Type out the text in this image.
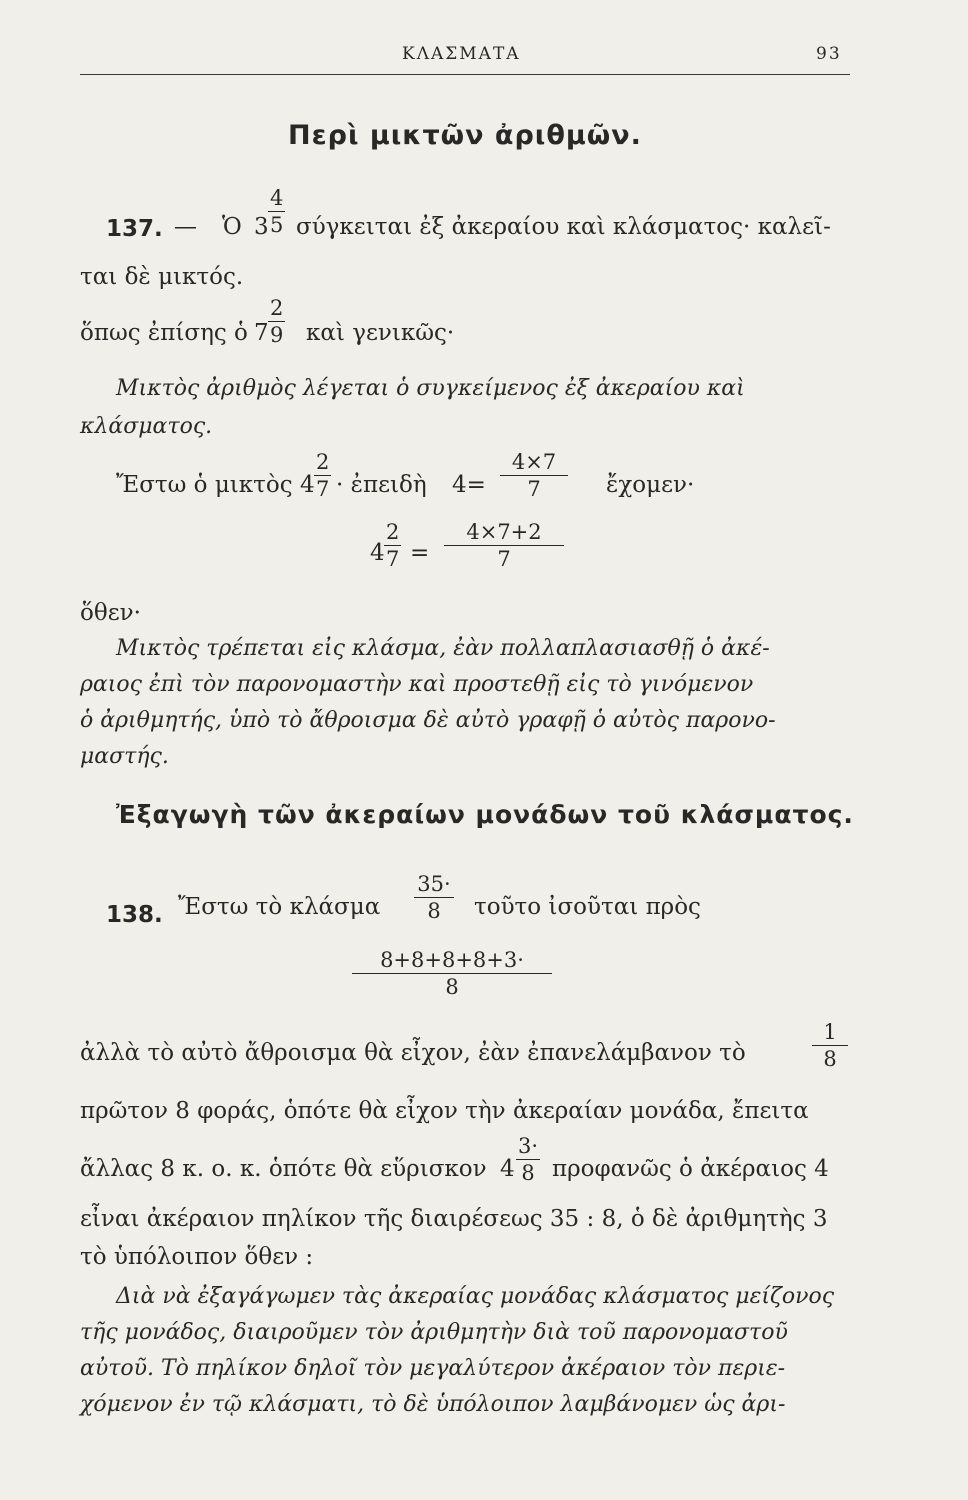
ΚΛΑΣΜΑΤΑ	93
Περὶ μικτῶν ἀριθμῶν.
137. — Ὁ $3 \frac{4}{5}$ σύγκειται ἐξ ἀκεραίου καὶ κλάσματος· καλεῖ-
ται δὲ μικτός.
ὅπως ἐπίσης ὁ $7 \frac{2}{9}$ καὶ γενικῶς·
Μικτὸς ἀριθμὸς λέγεται ὁ συγκείμενος ἐξ ἀκεραίου καὶ
κλάσματος.
Ἔστω ὁ μικτὸς $4 \frac{2}{7}$ · ἐπειδὴ $4= \frac{4\times 7}{7}$ ἔχομεν·
$4 \frac{2}{7} = \frac{4\times 7+2}{7}$
ὅθεν·
Μικτὸς τρέπεται εἰς κλάσμα, ἐὰν πολλαπλασιασθῇ ὁ ἀκέ-
ραιος ἐπὶ τὸν παρονομαστὴν καὶ προστεθῇ εἰς τὸ γινόμενον
ὁ ἀριθμητής, ὑπὸ τὸ ἄθροισμα δὲ αὐτὸ γραφῇ ὁ αὐτὸς παρονο-
μαστής.
Ἐξαγωγὴ τῶν ἀκεραίων μονάδων τοῦ κλάσματος.
138. Ἔστω τὸ κλάσμα $\frac{35\cdot}{8}$ τοῦτο ἰσοῦται πρὸς
$\frac{8+8+8+8+3\cdot}{8}$
ἀλλὰ τὸ αὐτὸ ἄθροισμα θὰ εἶχον, ἐὰν ἐπανελάμβανον τὸ	$\frac{1}{8}$
πρῶτον 8 φοράς, ὁπότε θὰ εἶχον τὴν ἀκεραίαν μονάδα, ἔπειτα
ἄλλας 8 κ. ο. κ. ὁπότε θὰ εὕρισκον $4 \frac{3\cdot}{8}$ προφανῶς ὁ ἀκέραιος 4
εἶναι ἀκέραιον πηλίκον τῆς διαιρέσεως 35 : 8, ὁ δὲ ἀριθμητὴς 3
τὸ ὑπόλοιπον ὅθεν :
Διὰ νὰ ἐξαγάγωμεν τὰς ἀκεραίας μονάδας κλάσματος μείζονος
τῆς μονάδος, διαιροῦμεν τὸν ἀριθμητὴν διὰ τοῦ παρονομαστοῦ
αὐτοῦ. Τὸ πηλίκον δηλοῖ τὸν μεγαλύτερον ἀκέραιον τὸν περιε-
χόμενον ἐν τῷ κλάσματι, τὸ δὲ ὑπόλοιπον λαμβάνομεν ὡς ἀρι-
